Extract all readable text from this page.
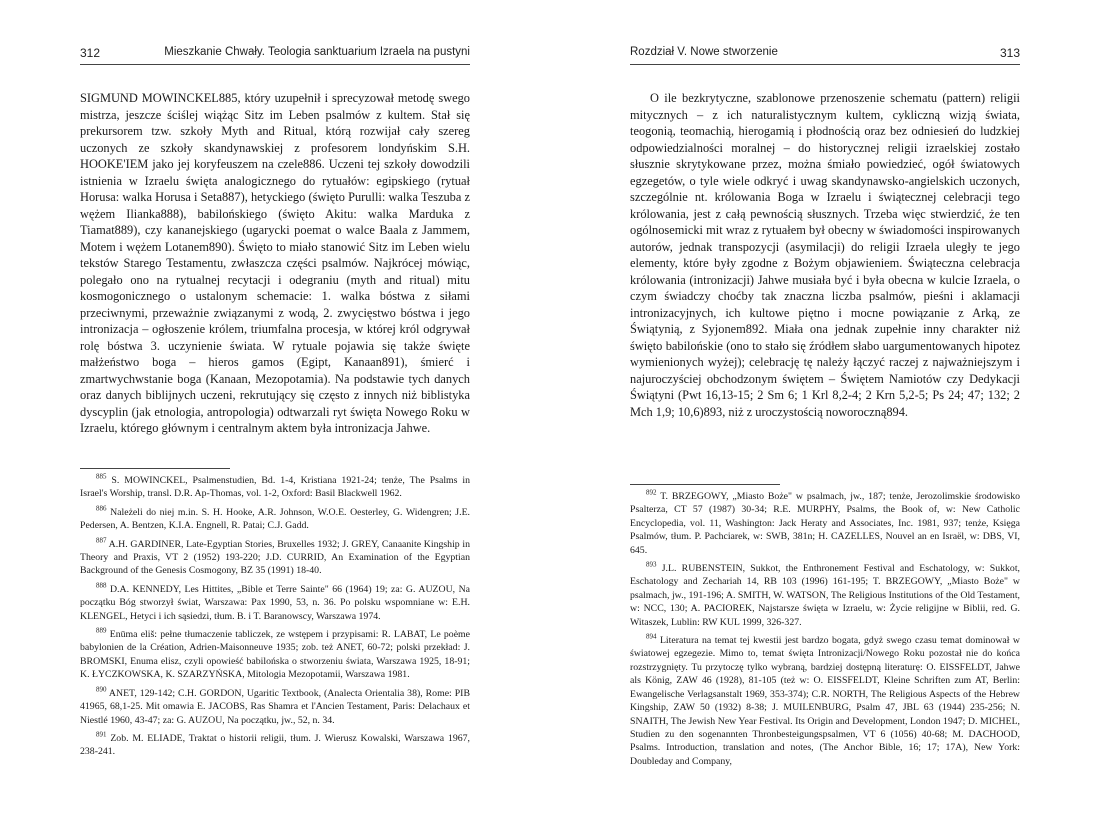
312	Mieszkanie Chwały. Teologia sanktuarium Izraela na pustyni

SIGMUND MOWINCKEL885, który uzupełnił i sprecyzował metodę swego mistrza, jeszcze ściślej wiążąc Sitz im Leben psalmów z kultem. Stał się prekursorem tzw. szkoły Myth and Ritual, którą rozwijał cały szereg uczonych ze szkoły skandynawskiej z profesorem londyńskim S.H. HOOKE'IEM jako jej koryfeuszem na czele886. Uczeni tej szkoły dowodzili istnienia w Izraelu święta analogicznego do rytuałów: egipskiego (rytuał Horusa: walka Horusa i Seta887), hetyckiego (święto Purulli: walka Teszuba z wężem Ilianka888), babilońskiego (święto Akitu: walka Marduka z Tiamat889), czy kananejskiego (ugarycki poemat o walce Baala z Jammem, Motem i wężem Lotanem890). Święto to miało stanowić Sitz im Leben wielu tekstów Starego Testamentu, zwłaszcza części psalmów. Najkrócej mówiąc, polegało ono na rytualnej recytacji i odegraniu (myth and ritual) mitu kosmogonicznego o ustalonym schemacie: 1. walka bóstwa z siłami przeciwnymi, przeważnie związanymi z wodą, 2. zwycięstwo bóstwa i jego intronizacja – ogłoszenie królem, triumfalna procesja, w której król odgrywał rolę bóstwa 3. uczynienie świata. W rytuale pojawia się także święte małżeństwo boga – hieros gamos (Egipt, Kanaan891), śmierć i zmartwychwstanie boga (Kanaan, Mezopotamia). Na podstawie tych danych oraz danych biblijnych uczeni, rekrutujący się często z innych niż biblistyka dyscyplin (jak etnologia, antropologia) odtwarzali ryt święta Nowego Roku w Izraelu, którego głównym i centralnym aktem była intronizacja Jahwe.

$^{885}$ S. MOWINCKEL, Psalmenstudien, Bd. 1-4, Kristiana 1921-24; tenże, The Psalms in Israel's Worship, transl. D.R. Ap-Thomas, vol. 1-2, Oxford: Basil Blackwell 1962.

$^{886}$ Należeli do niej m.in. S. H. Hooke, A.R. Johnson, W.O.E. Oesterley, G. Widengren; J.E. Pedersen, A. Bentzen, K.I.A. Engnell, R. Patai; C.J. Gadd.

$^{887}$ A.H. GARDINER, Late-Egyptian Stories, Bruxelles 1932; J. GREY, Canaanite Kingship in Theory and Praxis, VT 2 (1952) 193-220; J.D. CURRID, An Examination of the Egyptian Background of the Genesis Cosmogony, BZ 35 (1991) 18-40.

$^{888}$ D.A. KENNEDY, Les Hittites, „Bible et Terre Sainte" 66 (1964) 19; za: G. AUZOU, Na początku Bóg stworzył świat, Warszawa: Pax 1990, 53, n. 36. Po polsku wspomniane w: E.H. KLENGEL, Hetyci i ich sąsiedzi, tłum. B. i T. Baranowscy, Warszawa 1974.

$^{889}$ Enūma eliš: pełne tłumaczenie tabliczek, ze wstępem i przypisami: R. LABAT, Le poème babylonien de la Création, Adrien-Maisonneuve 1935; zob. też ANET, 60-72; polski przekład: J. BROMSKI, Enuma elisz, czyli opowieść babilońska o stworzeniu świata, Warszawa 1925, 18-91; K. ŁYCZKOWSKA, K. SZARZYŃSKA, Mitologia Mezopotamii, Warszawa 1981.

$^{890}$ ANET, 129-142; C.H. GORDON, Ugaritic Textbook, (Analecta Orientalia 38), Rome: PIB 41965, 68,1-25. Mit omawia E. JACOBS, Ras Shamra et l'Ancien Testament, Paris: Delachaux et Niestlé 1960, 43-47; za: G. AUZOU, Na początku, jw., 52, n. 34.

$^{891}$ Zob. M. ELIADE, Traktat o historii religii, tłum. J. Wierusz Kowalski, Warszawa 1967, 238-241.

Rozdział V. Nowe stworzenie	313

O ile bezkrytyczne, szablonowe przenoszenie schematu (pattern) religii mitycznych – z ich naturalistycznym kultem, cykliczną wizją świata, teogonią, teomachią, hierogamią i płodnością oraz bez odniesień do ludzkiej odpowiedzialności moralnej – do historycznej religii izraelskiej zostało słusznie skrytykowane przez, można śmiało powiedzieć, ogół światowych egzegetów, o tyle wiele odkryć i uwag skandynawsko-angielskich uczonych, szczególnie nt. królowania Boga w Izraelu i świątecznej celebracji tego królowania, jest z całą pewnością słusznych. Trzeba więc stwierdzić, że ten ogólnosemicki mit wraz z rytuałem był obecny w świadomości inspirowanych autorów, jednak transpozycji (asymilacji) do religii Izraela uległy te jego elementy, które były zgodne z Bożym objawieniem. Świąteczna celebracja królowania (intronizacji) Jahwe musiała być i była obecna w kulcie Izraela, o czym świadczy choćby tak znaczna liczba psalmów, pieśni i aklamacji intronizacyjnych, ich kultowe piętno i mocne powiązanie z Arką, ze Świątynią, z Syjonem892. Miała ona jednak zupełnie inny charakter niż święto babilońskie (ono to stało się źródłem słabo uargumentowanych hipotez wymienionych wyżej); celebrację tę należy łączyć raczej z najważniejszym i najuroczyściej obchodzonym świętem – Świętem Namiotów czy Dedykacji Świątyni (Pwt 16,13-15; 2 Sm 6; 1 Krl 8,2-4; 2 Krn 5,2-5; Ps 24; 47; 132; 2 Mch 1,9; 10,6)893, niż z uroczystością noworoczną894.

$^{892}$ T. BRZEGOWY, „Miasto Boże" w psalmach, jw., 187; tenże, Jerozolimskie środowisko Psalterza, CT 57 (1987) 30-34; R.E. MURPHY, Psalms, the Book of, w: New Catholic Encyclopedia, vol. 11, Washington: Jack Heraty and Associates, Inc. 1981, 937; tenże, Księga Psalmów, tłum. P. Pachciarek, w: SWB, 381n; H. CAZELLES, Nouvel an en Israël, w: DBS, VI, 645.

$^{893}$ J.L. RUBENSTEIN, Sukkot, the Enthronement Festival and Eschatology, w: Sukkot, Eschatology and Zechariah 14, RB 103 (1996) 161-195; T. BRZEGOWY, „Miasto Boże" w psalmach, jw., 191-196; A. SMITH, W. WATSON, The Religious Institutions of the Old Testament, w: NCC, 130; A. PACIOREK, Najstarsze święta w Izraelu, w: Życie religijne w Biblii, red. G. Witaszek, Lublin: RW KUL 1999, 326-327.

$^{894}$ Literatura na temat tej kwestii jest bardzo bogata, gdyż swego czasu temat dominował w światowej egzegezie. Mimo to, temat święta Intronizacji/Nowego Roku pozostał nie do końca rozstrzygnięty. Tu przytoczę tylko wybraną, bardziej dostępną literaturę: O. EISSFELDT, Jahwe als König, ZAW 46 (1928), 81-105 (też w: O. EISSFELDT, Kleine Schriften zum AT, Berlin: Ewangelische Verlagsanstalt 1969, 353-374); C.R. NORTH, The Religious Aspects of the Hebrew Kingship, ZAW 50 (1932) 8-38; J. MUILENBURG, Psalm 47, JBL 63 (1944) 235-256; N. SNAITH, The Jewish New Year Festival. Its Origin and Development, London 1947; D. MICHEL, Studien zu den sogenannten Thronbesteigungspsalmen, VT 6 (1056) 40-68; M. DACHOOD, Psalms. Introduction, translation and notes, (The Anchor Bible, 16; 17; 17A), New York: Doubleday and Company,
